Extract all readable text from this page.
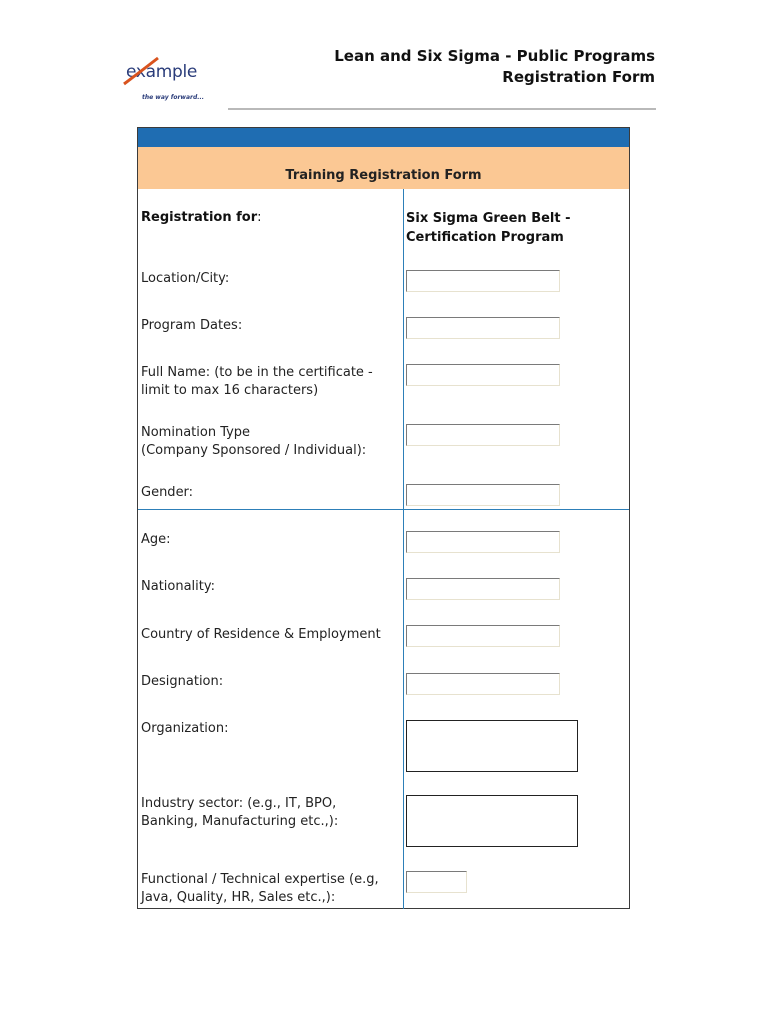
example
the way forward...
Lean and Six Sigma - Public Programs
Registration Form
Training Registration Form
Registration for:	Six Sigma Green Belt -
Certification Program
Location/City:
Program Dates:
Full Name: (to be in the certificate -
limit to max 16 characters)
Nomination Type
(Company Sponsored / Individual):
Gender:
Age:
Nationality:
Country of Residence & Employment
Designation:
Organization:
Industry sector: (e.g., IT, BPO,
Banking, Manufacturing etc.,):
Functional / Technical expertise (e.g,
Java, Quality, HR, Sales etc.,):
